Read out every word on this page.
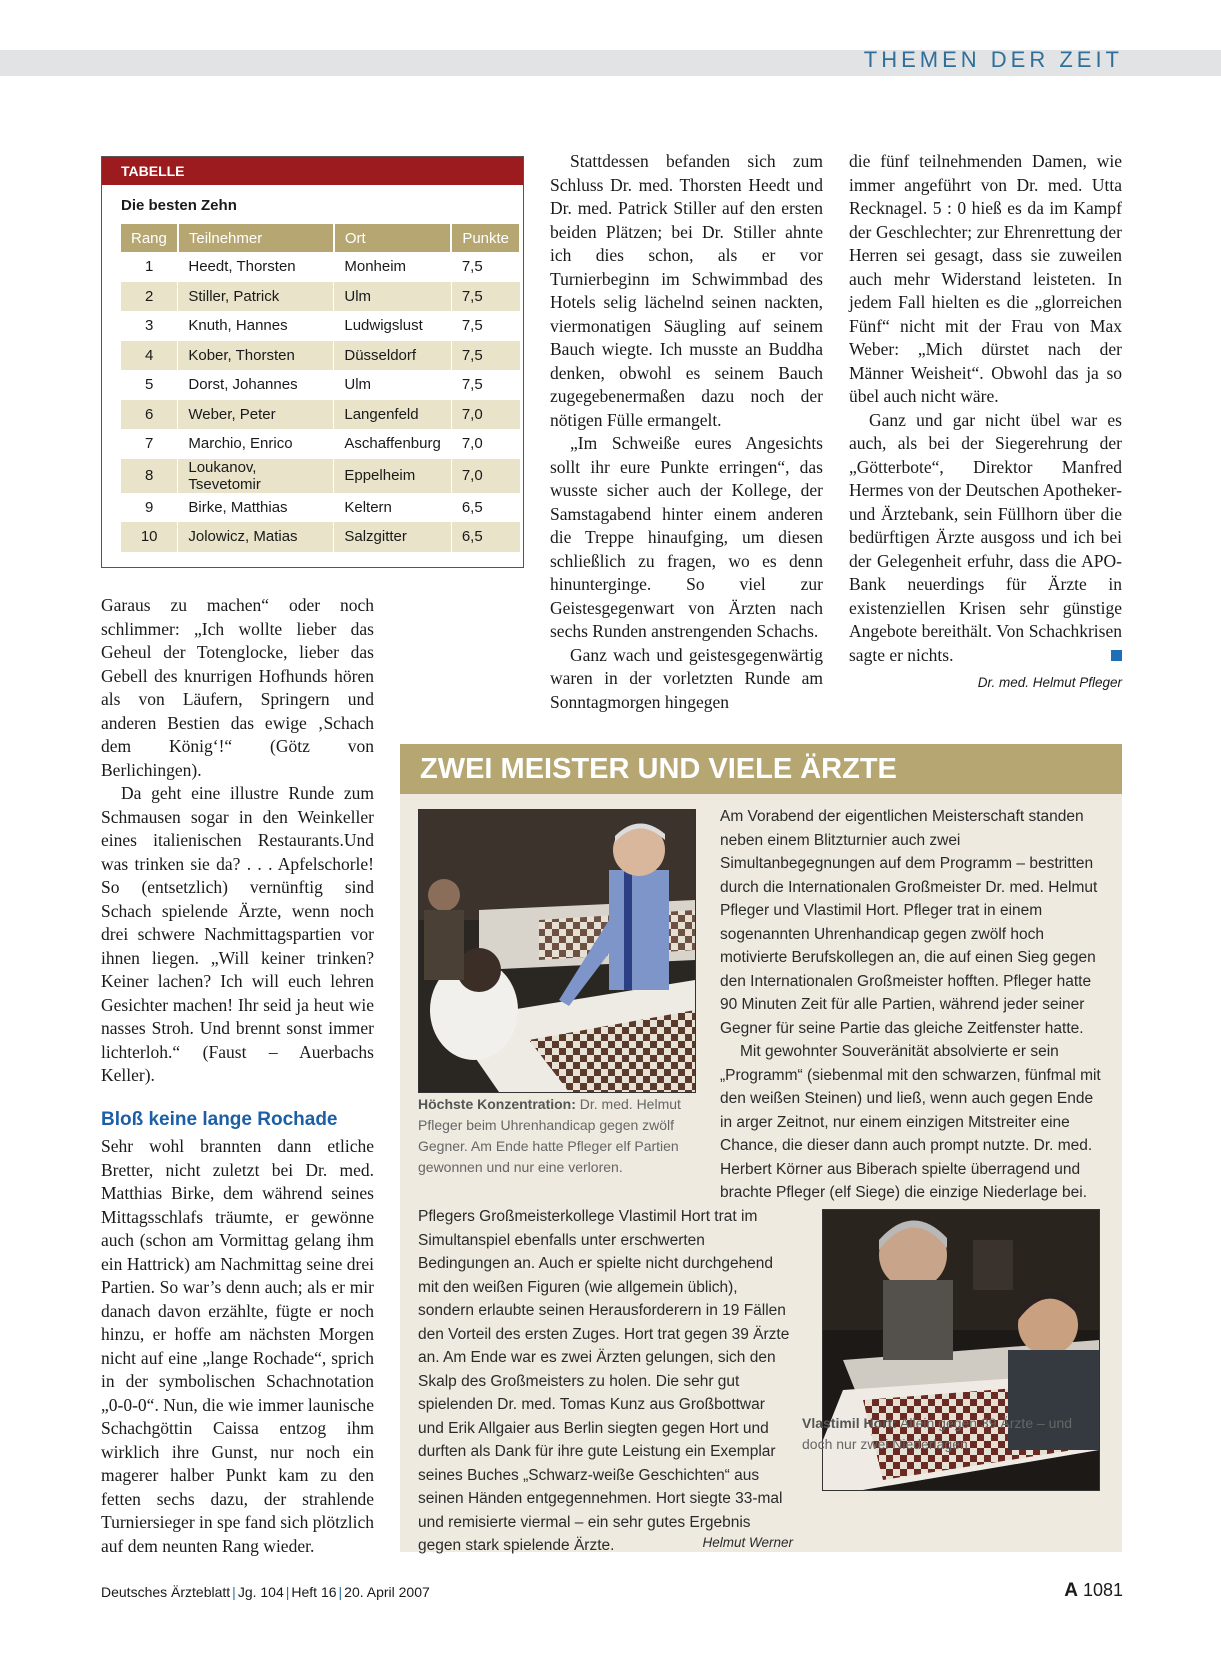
THEMEN DER ZEIT
TABELLE
Die besten Zehn
Rang	Teilnehmer	Ort	Punkte
1	Heedt, Thorsten	Monheim	7,5
2	Stiller, Patrick	Ulm	7,5
3	Knuth, Hannes	Ludwigslust	7,5
4	Kober, Thorsten	Düsseldorf	7,5
5	Dorst, Johannes	Ulm	7,5
6	Weber, Peter	Langenfeld	7,0
7	Marchio, Enrico	Aschaffenburg	7,0
8	Loukanov, Tsevetomir	Eppelheim	7,0
9	Birke, Matthias	Keltern	6,5
10	Jolowicz, Matias	Salzgitter	6,5

Garaus zu machen“ oder noch schlimmer: „Ich wollte lieber das Geheul der Totenglocke, lieber das Gebell des knurrigen Hofhunds hören als von Läufern, Springern und anderen Bestien das ewige ‚Schach dem König‘!“ (Götz von Berlichingen).

Da geht eine illustre Runde zum Schmausen sogar in den Weinkeller eines italienischen Restaurants.Und was trinken sie da? . . . Apfelschorle! So (entsetzlich) vernünftig sind Schach spielende Ärzte, wenn noch drei schwere Nachmittagspartien vor ihnen liegen. „Will keiner trinken? Keiner lachen? Ich will euch lehren Gesichter machen! Ihr seid ja heut wie nasses Stroh. Und brennt sonst immer lichterloh.“ (Faust – Auerbachs Keller).

Bloß keine lange Rochade

Sehr wohl brannten dann etliche Bretter, nicht zuletzt bei Dr. med. Matthias Birke, dem während seines Mittagsschlafs träumte, er gewönne auch (schon am Vormittag gelang ihm ein Hattrick) am Nachmittag seine drei Partien. So war’s denn auch; als er mir danach davon erzählte, fügte er noch hinzu, er hoffe am nächsten Morgen nicht auf eine „lange Rochade“, sprich in der symbolischen Schachnotation „0-0-0“. Nun, die wie immer launische Schachgöttin Caissa entzog ihm wirklich ihre Gunst, nur noch ein magerer halber Punkt kam zu den fetten sechs dazu, der strahlende Turniersieger in spe fand sich plötzlich auf dem neunten Rang wieder.

Stattdessen befanden sich zum Schluss Dr. med. Thorsten Heedt und Dr. med. Patrick Stiller auf den ersten beiden Plätzen; bei Dr. Stiller ahnte ich dies schon, als er vor Turnierbeginn im Schwimmbad des Hotels selig lächelnd seinen nackten, viermonatigen Säugling auf seinem Bauch wiegte. Ich musste an Buddha denken, obwohl es seinem Bauch zugegebenermaßen dazu noch der nötigen Fülle ermangelt.

„Im Schweiße eures Angesichts sollt ihr eure Punkte erringen“, das wusste sicher auch der Kollege, der Samstagabend hinter einem anderen die Treppe hinaufging, um diesen schließlich zu fragen, wo es denn hinunterginge. So viel zur Geistesgegenwart von Ärzten nach sechs Runden anstrengenden Schachs.

Ganz wach und geistesgegenwärtig waren in der vorletzten Runde am Sonntagmorgen hingegen

die fünf teilnehmenden Damen, wie immer angeführt von Dr. med. Utta Recknagel. 5 : 0 hieß es da im Kampf der Geschlechter; zur Ehrenrettung der Herren sei gesagt, dass sie zuweilen auch mehr Widerstand leisteten. In jedem Fall hielten es die „glorreichen Fünf“ nicht mit der Frau von Max Weber: „Mich dürstet nach der Männer Weisheit“. Obwohl das ja so übel auch nicht wäre.

Ganz und gar nicht übel war es auch, als bei der Siegerehrung der „Götterbote“, Direktor Manfred Hermes von der Deutschen Apotheker- und Ärztebank, sein Füllhorn über die bedürftigen Ärzte ausgoss und ich bei der Gelegenheit erfuhr, dass die APO-Bank neuerdings für Ärzte in existenziellen Krisen sehr günstige Angebote bereithält. Von Schachkrisen sagte er nichts.

Dr. med. Helmut Pfleger
ZWEI MEISTER UND VIELE ÄRZTE
Höchste Konzentration: Dr. med. Helmut Pfleger beim Uhrenhandicap gegen zwölf Gegner. Am Ende hatte Pfleger elf Partien gewonnen und nur eine verloren.

Am Vorabend der eigentlichen Meisterschaft standen neben einem Blitzturnier auch zwei Simultanbegegnungen auf dem Programm – bestritten durch die Internationalen Großmeister Dr. med. Helmut Pfleger und Vlastimil Hort. Pfleger trat in einem sogenannten Uhrenhandicap gegen zwölf hoch motivierte Berufskollegen an, die auf einen Sieg gegen den Internationalen Großmeister hofften. Pfleger hatte 90 Minuten Zeit für alle Partien, während jeder seiner Gegner für seine Partie das gleiche Zeitfenster hatte.

Mit gewohnter Souveränität absolvierte er sein „Programm“ (siebenmal mit den schwarzen, fünfmal mit den weißen Steinen) und ließ, wenn auch gegen Ende in arger Zeitnot, nur einem einzigen Mitstreiter eine Chance, die dieser dann auch prompt nutzte. Dr. med. Herbert Körner aus Biberach spielte überragend und brachte Pfleger (elf Siege) die einzige Niederlage bei.

Pflegers Großmeisterkollege Vlastimil Hort trat im Simultanspiel ebenfalls unter erschwerten Bedingungen an. Auch er spielte nicht durchgehend mit den weißen Figuren (wie allgemein üblich), sondern erlaubte seinen Herausforderern in 19 Fällen den Vorteil des ersten Zuges. Hort trat gegen 39 Ärzte an. Am Ende war es zwei Ärzten gelungen, sich den Skalp des Großmeisters zu holen. Die sehr gut spielenden Dr. med. Tomas Kunz aus Großbottwar und Erik Allgaier aus Berlin siegten gegen Hort und durften als Dank für ihre gute Leistung ein Exemplar seines Buches „Schwarz-weiße Geschichten“ aus seinen Händen entgegennehmen. Hort siegte 33-mal und remisierte viermal – ein sehr gutes Ergebnis gegen stark spielende Ärzte.	Helmut Werner
Vlastimil Hort: Allein gegen 39 Ärzte – und doch nur zwei Niederlagen
Deutsches Ärzteblatt | Jg. 104 | Heft 16 | 20. April 2007	A 1081
